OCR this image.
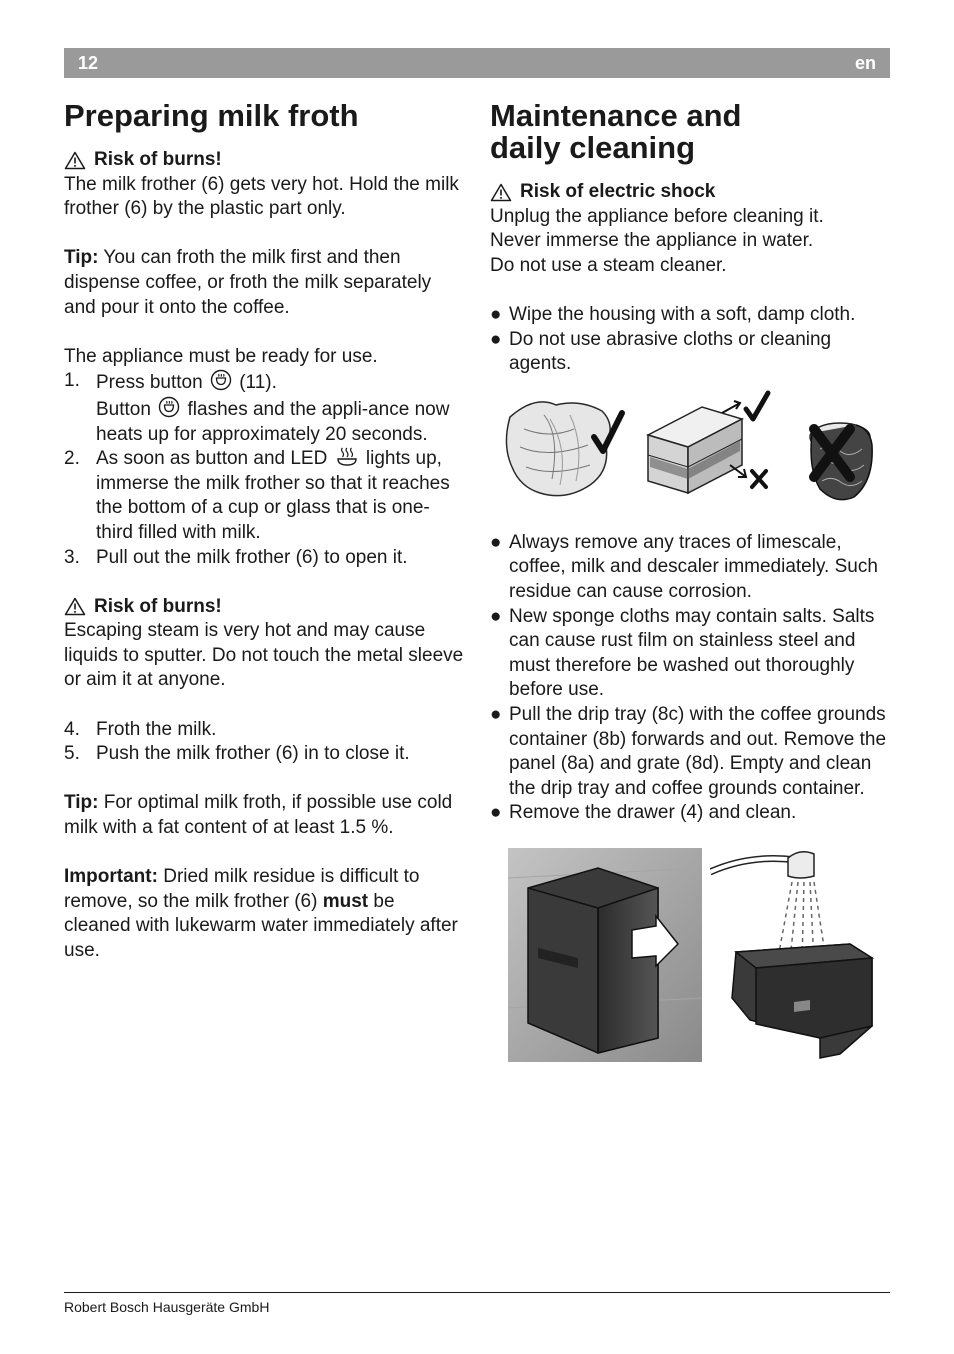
12	en
Preparing milk froth
Risk of burns!

The milk frother (6) gets very hot. Hold the milk frother (6) by the plastic part only.

Tip: You can froth the milk first and then dispense coffee, or froth the milk separately and pour it onto the coffee.

The appliance must be ready for use.

1. Press button  (11).
Button  flashes and the appli-ance now heats up for approximately 20 seconds.
2. As soon as button and LED  lights up, immerse the milk frother so that it reaches the bottom of a cup or glass that is one-third filled with milk.
3. Pull out the milk frother (6) to open it.
Risk of burns!

Escaping steam is very hot and may cause liquids to sputter. Do not touch the metal sleeve or aim it at anyone.

4. Froth the milk.
5. Push the milk frother (6) in to close it.

Tip: For optimal milk froth, if possible use cold milk with a fat content of at least 1.5 %.

Important: Dried milk residue is difficult to remove, so the milk frother (6) must be cleaned with lukewarm water immediately after use.

Maintenance and
daily cleaning
Risk of electric shock

Unplug the appliance before cleaning it.

Never immerse the appliance in water.

Do not use a steam cleaner.

● Wipe the housing with a soft, damp cloth.
● Do not use abrasive cloths or cleaning agents.
● Always remove any traces of limescale, coffee, milk and descaler immediately. Such residue can cause corrosion.
● New sponge cloths may contain salts. Salts can cause rust film on stainless steel and must therefore be washed out thoroughly before use.
● Pull the drip tray (8c) with the coffee grounds container (8b) forwards and out. Remove the panel (8a) and grate (8d). Empty and clean the drip tray and coffee grounds container.
● Remove the drawer (4) and clean.
Robert Bosch Hausgeräte GmbH
